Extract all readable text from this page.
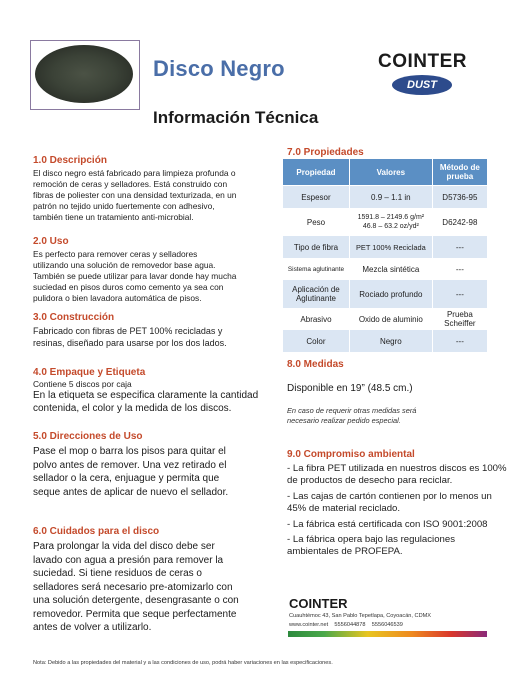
Disco Negro
Información Técnica
COINTER
DUST
1.0 Descripción
El disco negro está fabricado para limpieza profunda o
remoción de ceras y selladores. Está construido con
fibras de poliester con una densidad texturizada, en un
patrón no tejido unido fuertemente con adhesivo,
también tiene un tratamiento anti-microbial.
2.0 Uso
Es perfecto para remover ceras y selladores
utilizando una solución de removedor base agua.
También se puede utilizar para lavar donde hay mucha
suciedad en pisos duros como cemento ya sea con
pulidora o bien lavadora automática de pisos.
3.0 Construcción
Fabricado con fibras de PET 100% recicladas y
resinas, diseñado para usarse por los dos lados.
4.0 Empaque y Etiqueta
Contiene 5 discos por caja
En la etiqueta se especifica claramente la cantidad
contenida, el color y la medida de los discos.
5.0 Direcciones de Uso
Pase el mop o barra los pisos para quitar el
polvo antes de remover. Una vez retirado el
sellador o la cera, enjuague y permita que
seque antes de aplicar de nuevo el sellador.
6.0 Cuidados para el disco
Para prolongar la vida del disco debe ser
lavado con agua a presión para remover la
suciedad. Si tiene residuos de ceras o
selladores será necesario pre-atomizarlo con
una solución detergente, desengrasante o con
removedor. Permita que seque perfectamente
antes de volver a utilizarlo.
7.0 Propiedades
Propiedad	Valores	Método de prueba
Espesor	0.9 – 1.1 in	D5736-95
Peso	1591.8 – 2149.6 g/m²
46.8 – 63.2 oz/yd²	D6242-98
Tipo de fibra	PET 100% Reciclada	---
Sistema aglutinante	Mezcla sintética	---
Aplicación de Aglutinante	Rociado profundo	---
Abrasivo	Oxido de aluminio	Prueba Scheiffer
Color	Negro	---
8.0 Medidas
Disponible en 19” (48.5 cm.)
En caso de requerir otras medidas será
necesario realizar pedido especial.
9.0 Compromiso ambiental
- La fibra PET utilizada en nuestros discos es 100%
de productos de desecho para reciclar.
- Las cajas de cartón contienen por lo menos un
45% de material reciclado.
- La fábrica está certificada con ISO 9001:2008
- La fábrica opera bajo las regulaciones
ambientales de PROFEPA.
COINTER
Cuauhtémoc 43, San Pablo Tepetlapa, Coyoacán, CDMX
www.cointer.net 5556044878 5556046539
Nota: Debido a las propiedades del material y a las condiciones de uso, podrá haber variaciones en las especificaciones.
